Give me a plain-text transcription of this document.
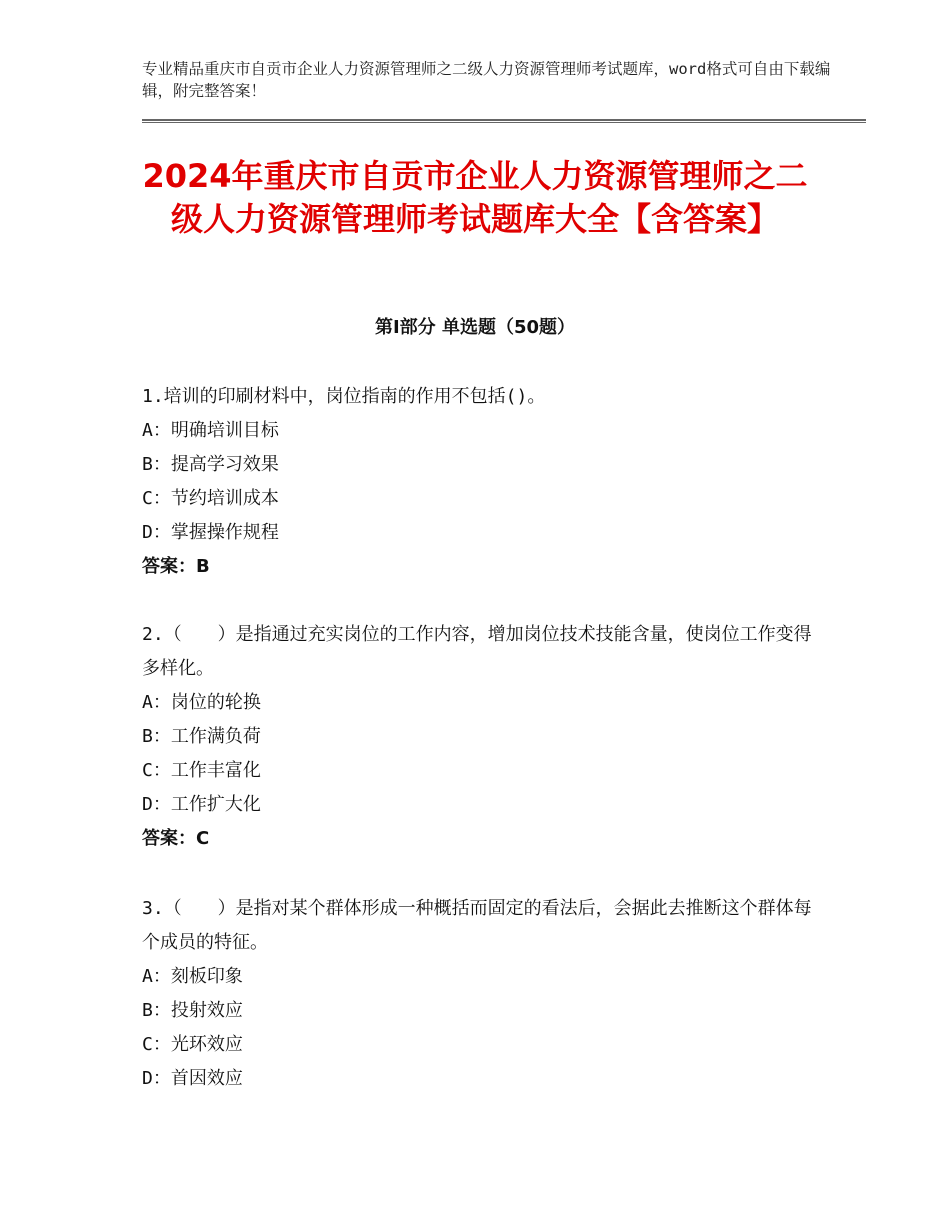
专业精品重庆市自贡市企业人力资源管理师之二级人力资源管理师考试题库，word格式可自由下载编辑，附完整答案！
2024年重庆市自贡市企业人力资源管理师之二级人力资源管理师考试题库大全【含答案】
第Ⅰ部分 单选题（50题）

1.培训的印刷材料中，岗位指南的作用不包括()。

A：明确培训目标

B：提高学习效果

C：节约培训成本

D：掌握操作规程

答案：B

2.（　　）是指通过充实岗位的工作内容，增加岗位技术技能含量，使岗位工作变得多样化。

A：岗位的轮换

B：工作满负荷

C：工作丰富化

D：工作扩大化

答案：C

3.（　　）是指对某个群体形成一种概括而固定的看法后，会据此去推断这个群体每个成员的特征。

A：刻板印象

B：投射效应

C：光环效应

D：首因效应
